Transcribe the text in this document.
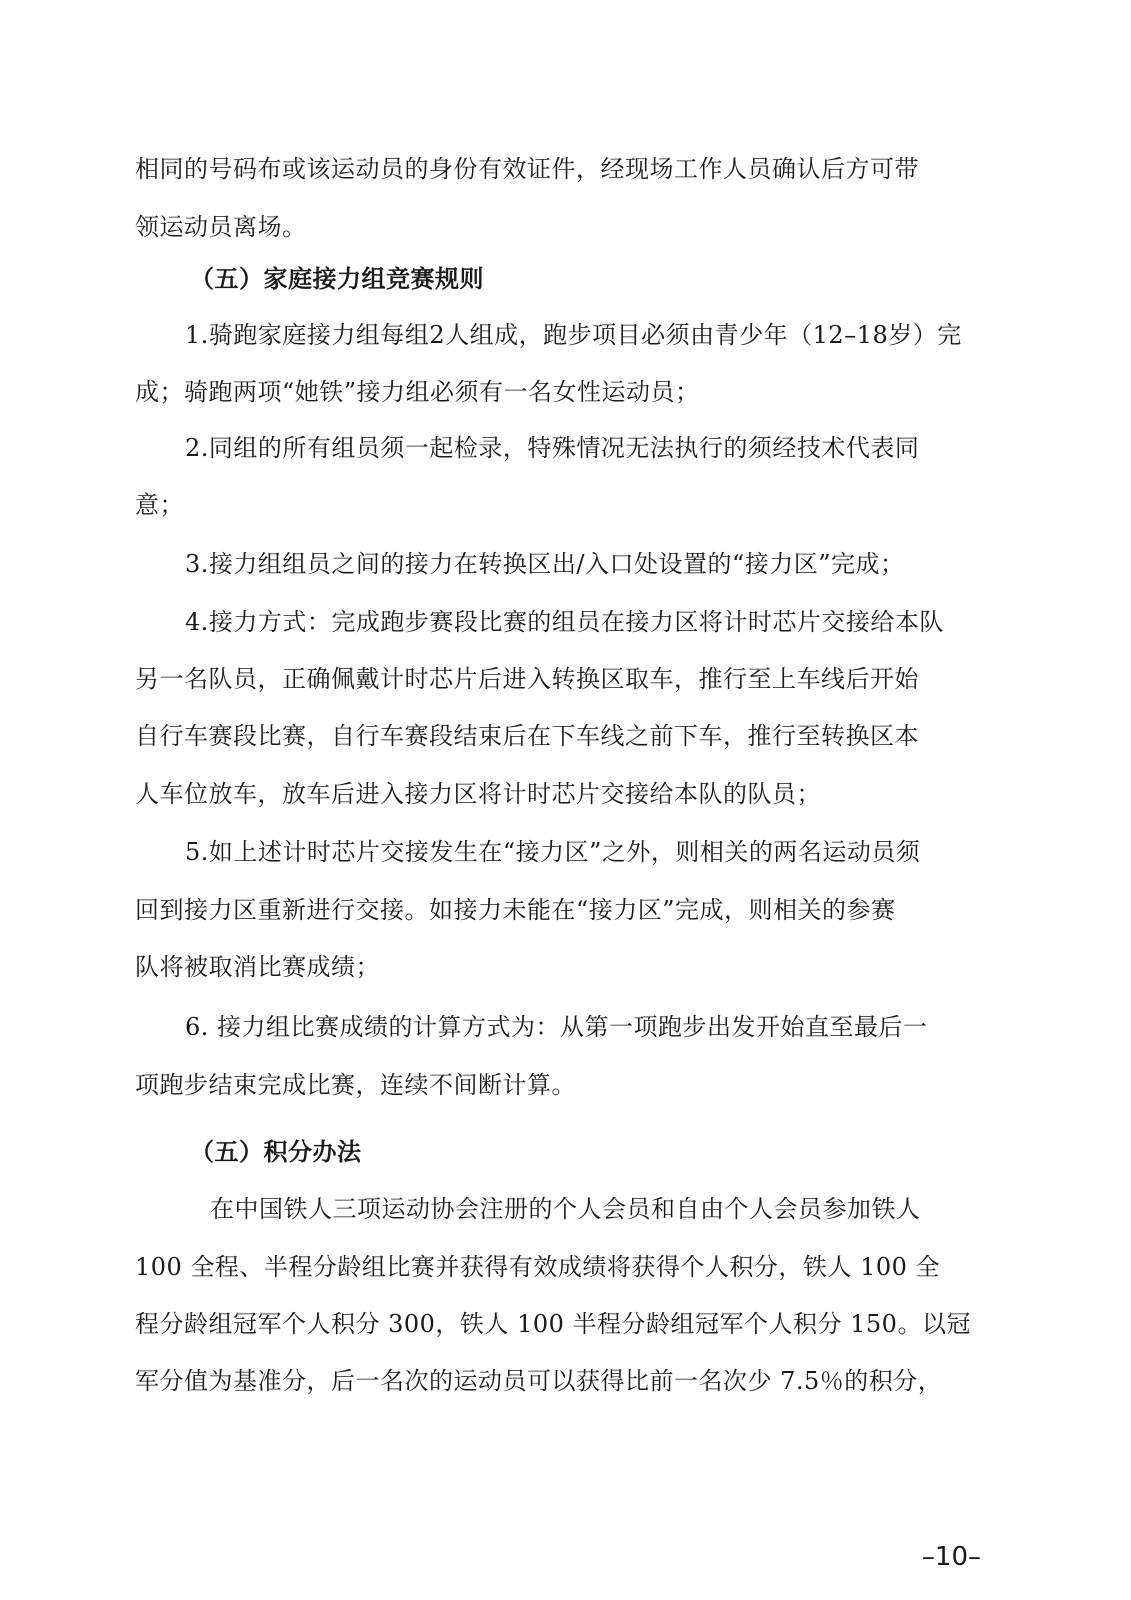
相同的号码布或该运动员的身份有效证件，经现场工作人员确认后方可带
领运动员离场。
（五）家庭接力组竞赛规则
1.骑跑家庭接力组每组2人组成，跑步项目必须由青少年（12–18岁）完
成；骑跑两项“她铁”接力组必须有一名女性运动员；
2.同组的所有组员须一起检录，特殊情况无法执行的须经技术代表同
意；
3.接力组组员之间的接力在转换区出/入口处设置的“接力区”完成；
4.接力方式：完成跑步赛段比赛的组员在接力区将计时芯片交接给本队
另一名队员，正确佩戴计时芯片后进入转换区取车，推行至上车线后开始
自行车赛段比赛，自行车赛段结束后在下车线之前下车，推行至转换区本
人车位放车，放车后进入接力区将计时芯片交接给本队的队员；
5.如上述计时芯片交接发生在“接力区”之外，则相关的两名运动员须
回到接力区重新进行交接。如接力未能在“接力区”完成，则相关的参赛
队将被取消比赛成绩；
6. 接力组比赛成绩的计算方式为：从第一项跑步出发开始直至最后一
项跑步结束完成比赛，连续不间断计算。
（五）积分办法
在中国铁人三项运动协会注册的个人会员和自由个人会员参加铁人
100 全程、半程分龄组比赛并获得有效成绩将获得个人积分，铁人 100 全
程分龄组冠军个人积分 300，铁人 100 半程分龄组冠军个人积分 150。以冠
军分值为基准分，后一名次的运动员可以获得比前一名次少 7.5％的积分，
–10–
